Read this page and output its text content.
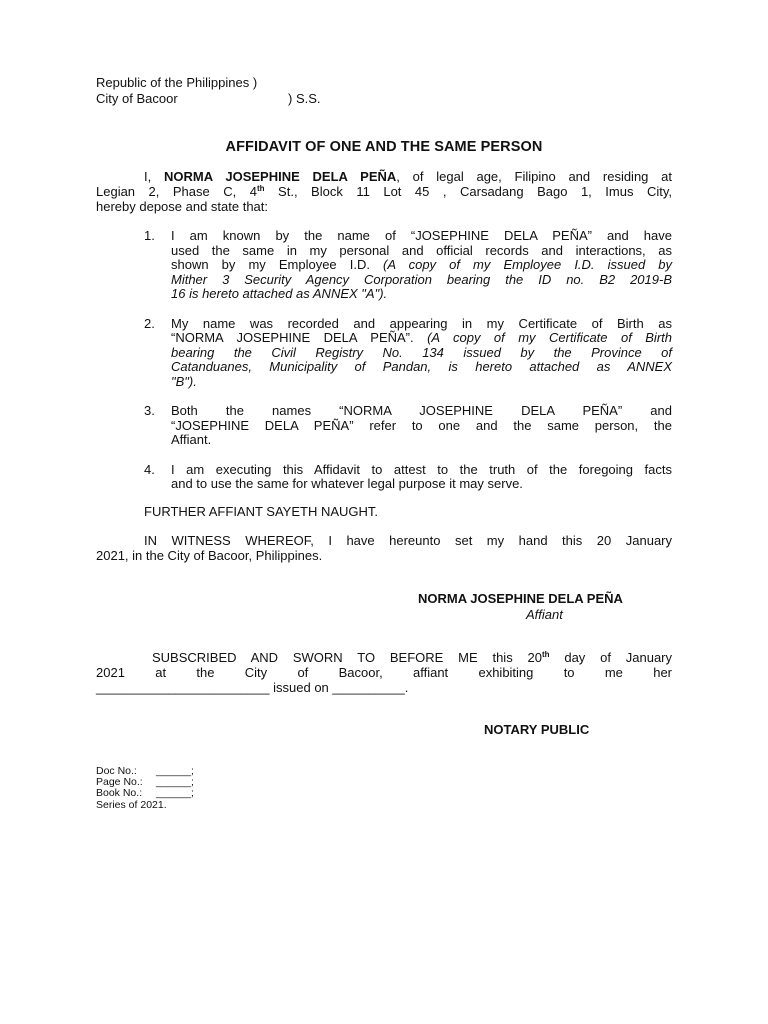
Republic of the Philippines )
City of Bacoor	) S.S.
AFFIDAVIT OF ONE AND THE SAME PERSON
I, NORMA JOSEPHINE DELA PEÑA, of legal age, Filipino and residing at
Legian 2, Phase C, 4th St., Block 11 Lot 45 , Carsadang Bago 1, Imus City,
hereby depose and state that:
1. I am known by the name of “JOSEPHINE DELA PEÑA” and have
used the same in my personal and official records and interactions, as
shown by my Employee I.D. (A copy of my Employee I.D. issued by
Mither 3 Security Agency Corporation bearing the ID no. B2 2019-B
16 is hereto attached as ANNEX "A").
2. My name was recorded and appearing in my Certificate of Birth as
“NORMA JOSEPHINE DELA PEÑA”. (A copy of my Certificate of Birth
bearing the Civil Registry No. 134 issued by the Province of
Catanduanes, Municipality of Pandan, is hereto attached as ANNEX
"B").
3. Both the names “NORMA JOSEPHINE DELA PEÑA” and
“JOSEPHINE DELA PEÑA” refer to one and the same person, the
Affiant.
4. I am executing this Affidavit to attest to the truth of the foregoing facts
and to use the same for whatever legal purpose it may serve.
FURTHER AFFIANT SAYETH NAUGHT.
IN WITNESS WHEREOF, I have hereunto set my hand this 20 January
2021, in the City of Bacoor, Philippines.
NORMA JOSEPHINE DELA PEÑA
Affiant
SUBSCRIBED AND SWORN TO BEFORE ME this 20th day of January
2021 at the City of Bacoor, affiant exhibiting to me her
________________________ issued on __________.
NOTARY PUBLIC
Doc No.: ______;
Page No.: ______;
Book No.: ______;
Series of 2021.
